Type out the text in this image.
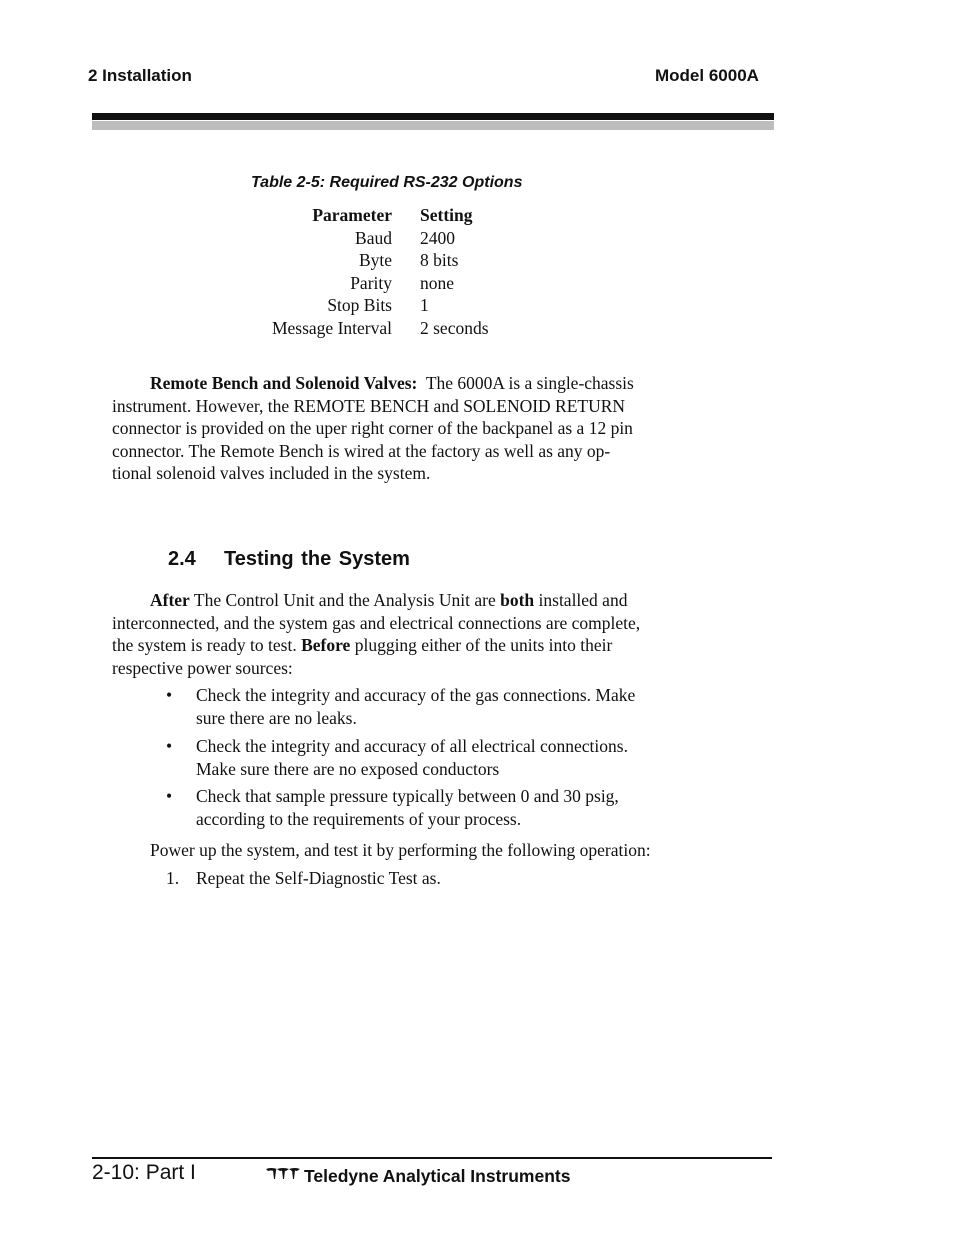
2 Installation	Model 6000A
Table 2-5: Required RS-232 Options
Parameter Setting
Baud 2400
Byte 8 bits
Parity none
Stop Bits 1
Message Interval 2 seconds
Remote Bench and Solenoid Valves: The 6000A is a single-chassis
instrument. However, the REMOTE BENCH and SOLENOID RETURN
connector is provided on the uper right corner of the backpanel as a 12 pin
connector. The Remote Bench is wired at the factory as well as any op-
tional solenoid valves included in the system.
2.4 Testing the System
After The Control Unit and the Analysis Unit are both installed and
interconnected, and the system gas and electrical connections are complete,
the system is ready to test. Before plugging either of the units into their
respective power sources:
• Check the integrity and accuracy of the gas connections. Make
sure there are no leaks.
• Check the integrity and accuracy of all electrical connections.
Make sure there are no exposed conductors
• Check that sample pressure typically between 0 and 30 psig,
according to the requirements of your process.
Power up the system, and test it by performing the following operation:
1. Repeat the Self-Diagnostic Test as.
2-10: Part I	Teledyne Analytical Instruments
